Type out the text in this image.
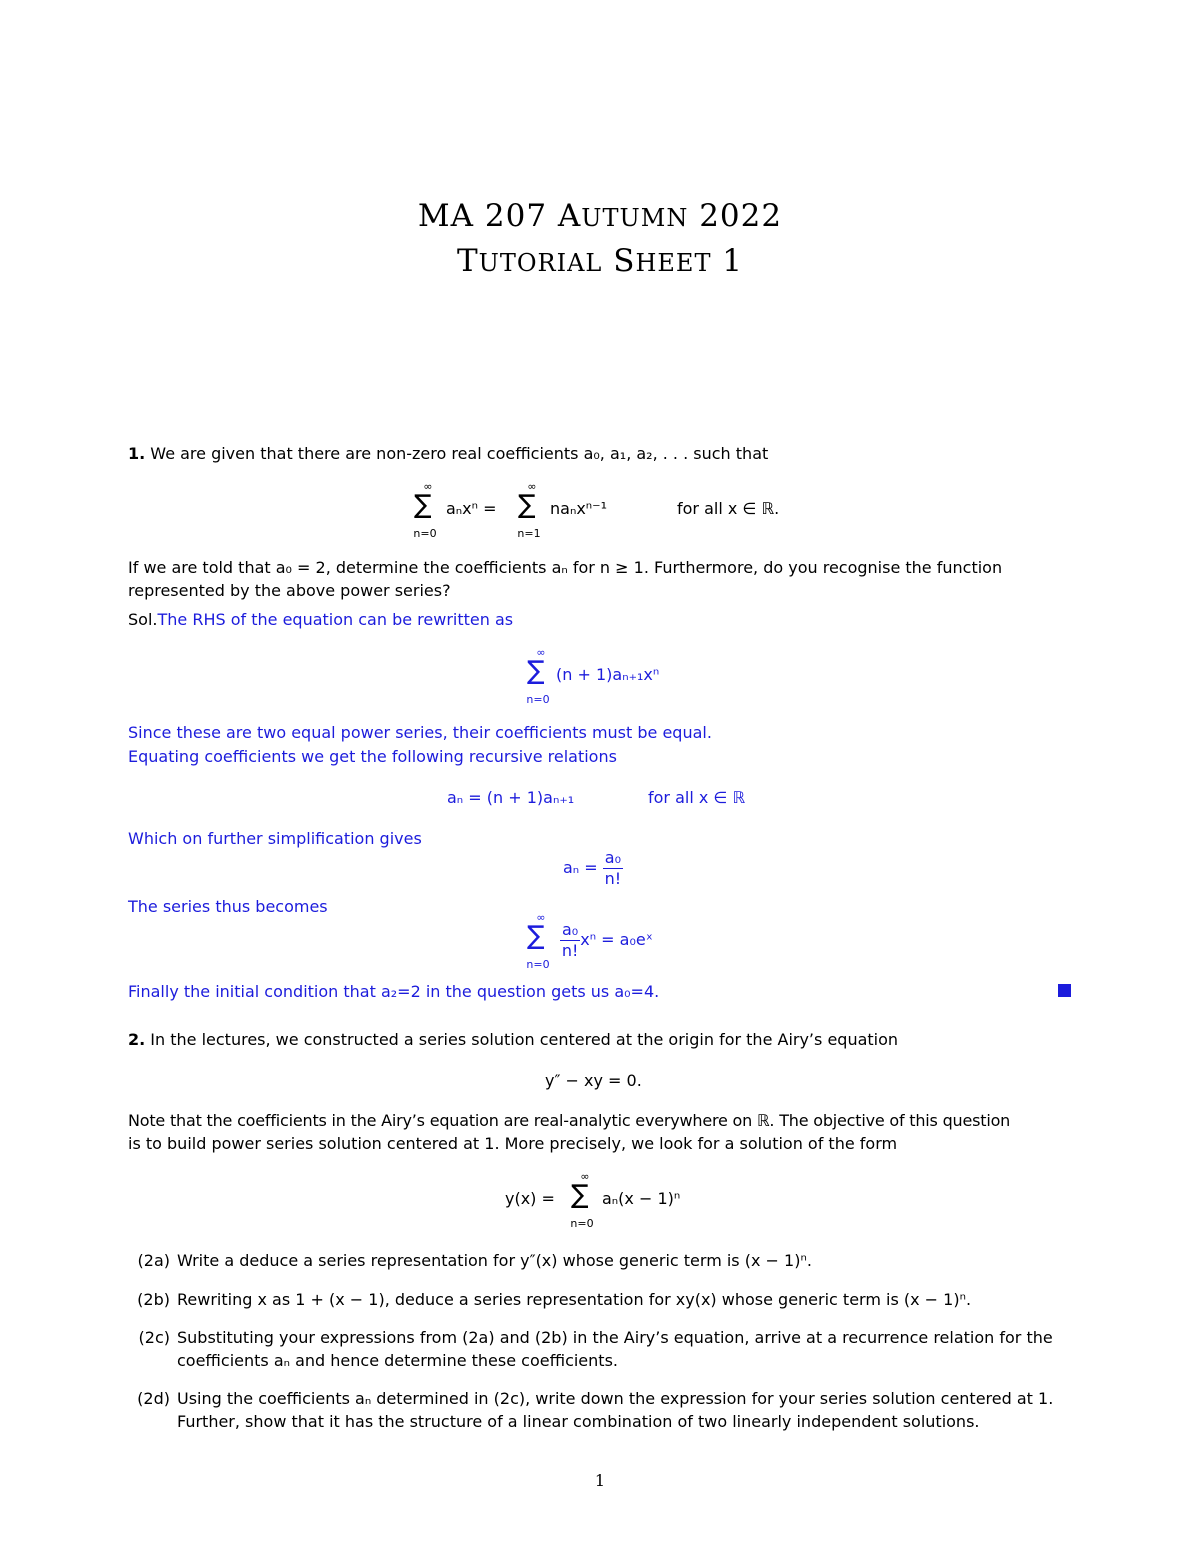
MA 207 AUTUMN 2022
TUTORIAL SHEET 1
1. We are given that there are non-zero real coefficients a₀, a₁, a₂, . . . such that
∞
∑
n=0
aₙxⁿ =
∞
∑
n=1
naₙxⁿ⁻¹	for all x ∈ ℝ.
If we are told that a₀ = 2, determine the coefficients aₙ for n ≥ 1. Furthermore, do you recognise the function
represented by the above power series?
Sol.The RHS of the equation can be rewritten as
∞
∑
n=0
(n + 1)aₙ₊₁xⁿ
Since these are two equal power series, their coefficients must be equal.
Equating coefficients we get the following recursive relations
aₙ = (n + 1)aₙ₊₁	for all x ∈ ℝ
Which on further simplification gives
$a_n = \frac{\text{a₀}}{n!}$
The series thus becomes
∞
∑
n=0
$\frac{\text{a₀}}{n!}$ xⁿ = a₀eˣ
Finally the initial condition that a₂=2 in the question gets us a₀=4.
2. In the lectures, we constructed a series solution centered at the origin for the Airy’s equation
y″ − xy = 0.
Note that the coefficients in the Airy’s equation are real-analytic everywhere on ℝ. The objective of this question
is to build power series solution centered at 1. More precisely, we look for a solution of the form
y(x) =
∞
∑
n=0
aₙ(x − 1)ⁿ
(2a) Write a deduce a series representation for y″(x) whose generic term is (x − 1)ⁿ.
(2b) Rewriting x as 1 + (x − 1), deduce a series representation for xy(x) whose generic term is (x − 1)ⁿ.
(2c) Substituting your expressions from (2a) and (2b) in the Airy’s equation, arrive at a recurrence relation for the coefficients aₙ and hence determine these coefficients.
(2d) Using the coefficients aₙ determined in (2c), write down the expression for your series solution centered at 1. Further, show that it has the structure of a linear combination of two linearly independent solutions.
1
